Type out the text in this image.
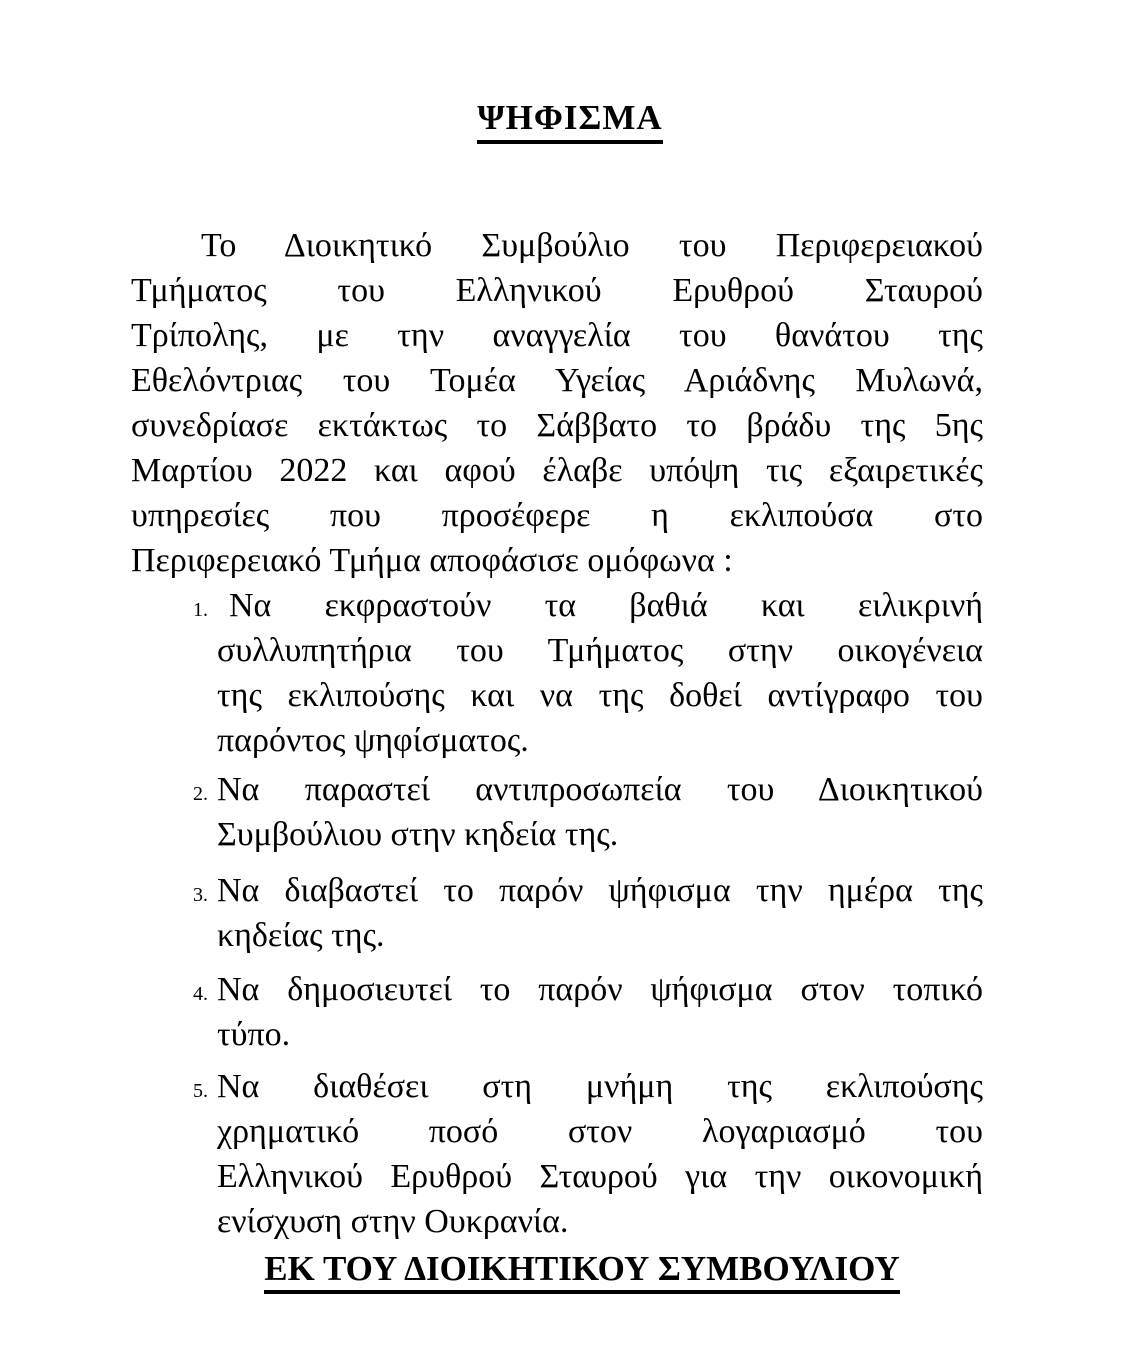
ΨΗΦΙΣΜΑ
Το Διοικητικό Συμβούλιο του Περιφερειακού
Τμήματος του Ελληνικού Ερυθρού Σταυρού
Τρίπολης, με την αναγγελία του θανάτου της
Εθελόντριας του Τομέα Υγείας Αριάδνης Μυλωνά,
συνεδρίασε εκτάκτως το Σάββατο το βράδυ της 5ης
Μαρτίου 2022 και αφού έλαβε υπόψη τις εξαιρετικές
υπηρεσίες που προσέφερε η εκλιπούσα στο
Περιφερειακό Τμήμα αποφάσισε ομόφωνα :
1. Να εκφραστούν τα βαθιά και ειλικρινή
συλλυπητήρια του Τμήματος στην οικογένεια
της εκλιπούσης και να της δοθεί αντίγραφο του
παρόντος ψηφίσματος.
2. Να παραστεί αντιπροσωπεία του Διοικητικού
Συμβούλιου στην κηδεία της.
3. Να διαβαστεί το παρόν ψήφισμα την ημέρα της
κηδείας της.
4. Να δημοσιευτεί το παρόν ψήφισμα στον τοπικό
τύπο.
5. Να διαθέσει στη μνήμη της εκλιπούσης
χρηματικό ποσό στον λογαριασμό του
Ελληνικού Ερυθρού Σταυρού για την οικονομική
ενίσχυση στην Ουκρανία.
ΕΚ ΤΟΥ ΔΙΟΙΚΗΤΙΚΟΥ ΣΥΜΒΟΥΛΙΟΥ
